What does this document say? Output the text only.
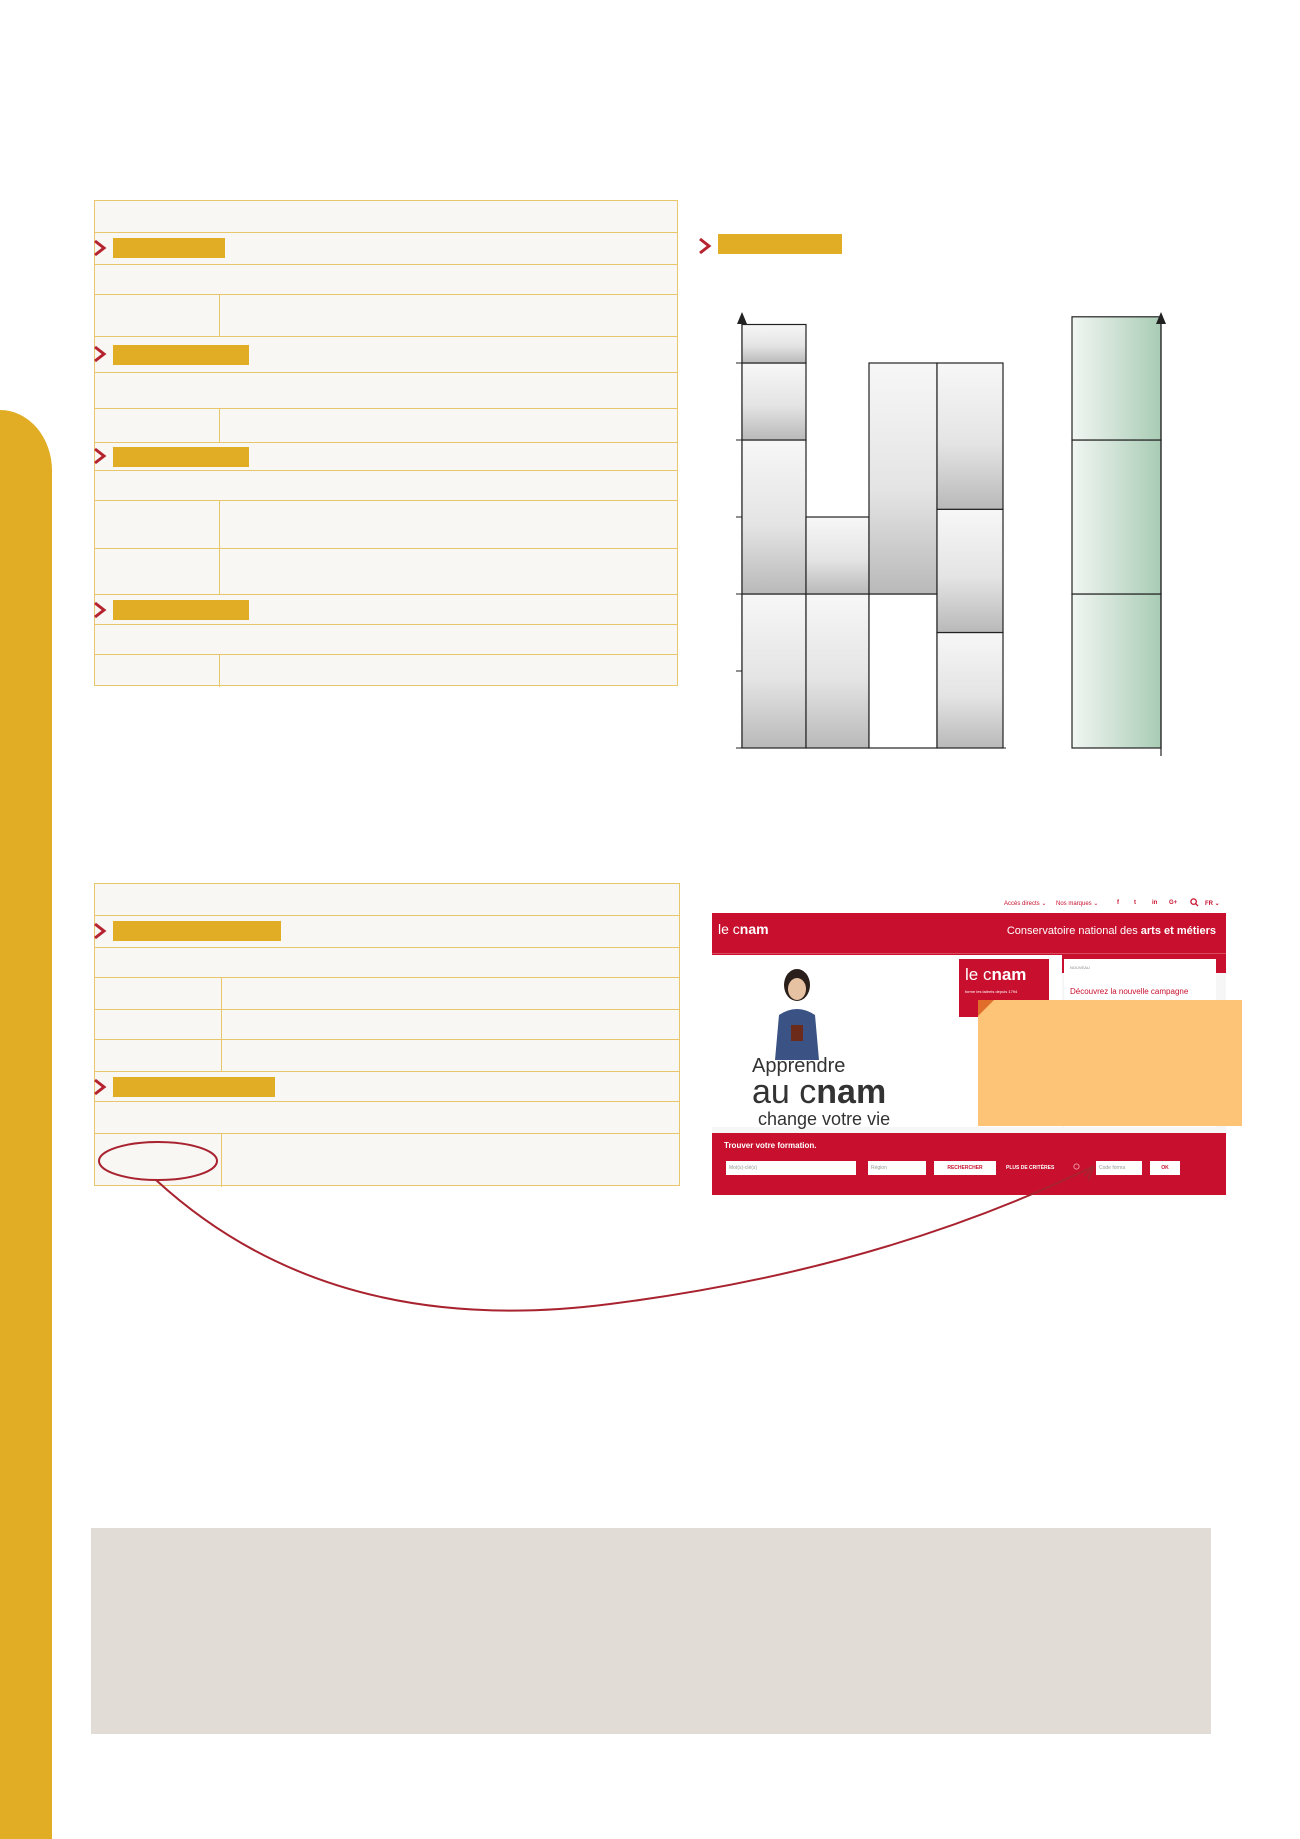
Accès directs ⌄ Nos marques ⌄	f	t	in G+	FR ⌄
le cnam	Conservatoire national des arts et métiers
Apprendre
au cnam
change votre vie
le cnam
forme les talents depuis 1794
NOUVEAU
Découvrez la nouvelle campagne
Trouver votre formation.
Mot(s)-clé(s)	Région	RECHERCHER	PLUS DE CRITÈRES	Code forma	OK
